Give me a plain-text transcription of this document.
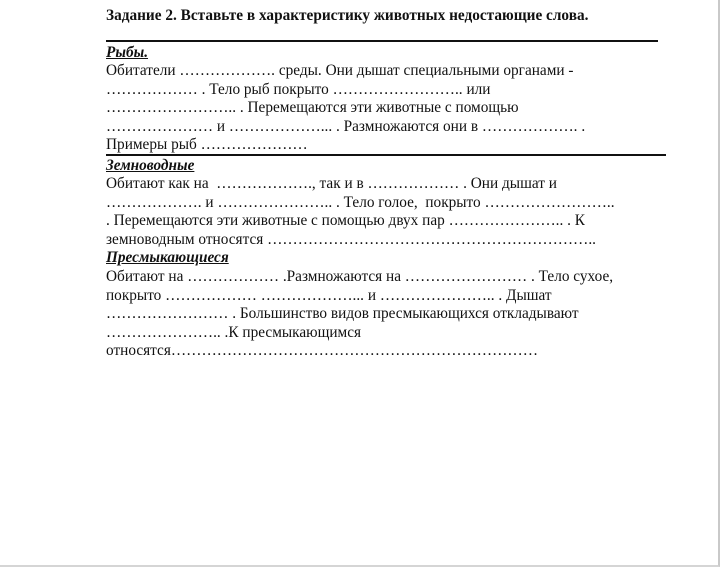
Задание 2. Вставьте в характеристику животных недостающие слова.
Рыбы.
Обитатели ………………. среды. Они дышат специальными органами -
……………… . Тело рыб покрыто …………………….. или
…………………….. . Перемещаются эти животные с помощью
………………… и ………………... . Размножаются они в ………………. .
Примеры рыб …………………
Земноводные
Обитают как на  ………………., так и в ……………… . Они дышат и
………………. и ………………….. . Тело голое,  покрыто ……………………..
. Перемещаются эти животные с помощью двух пар ………………….. . К
земноводным относятся ………………………………………………………..
Пресмыкающиеся
Обитают на ……………… .Размножаются на …………………… . Тело сухое,
покрыто ……………… ………………... и ………………….. . Дышат
…………………… . Большинство видов пресмыкающихся откладывают
………………….. .К пресмыкающимся
относятся………………………………………………………………
